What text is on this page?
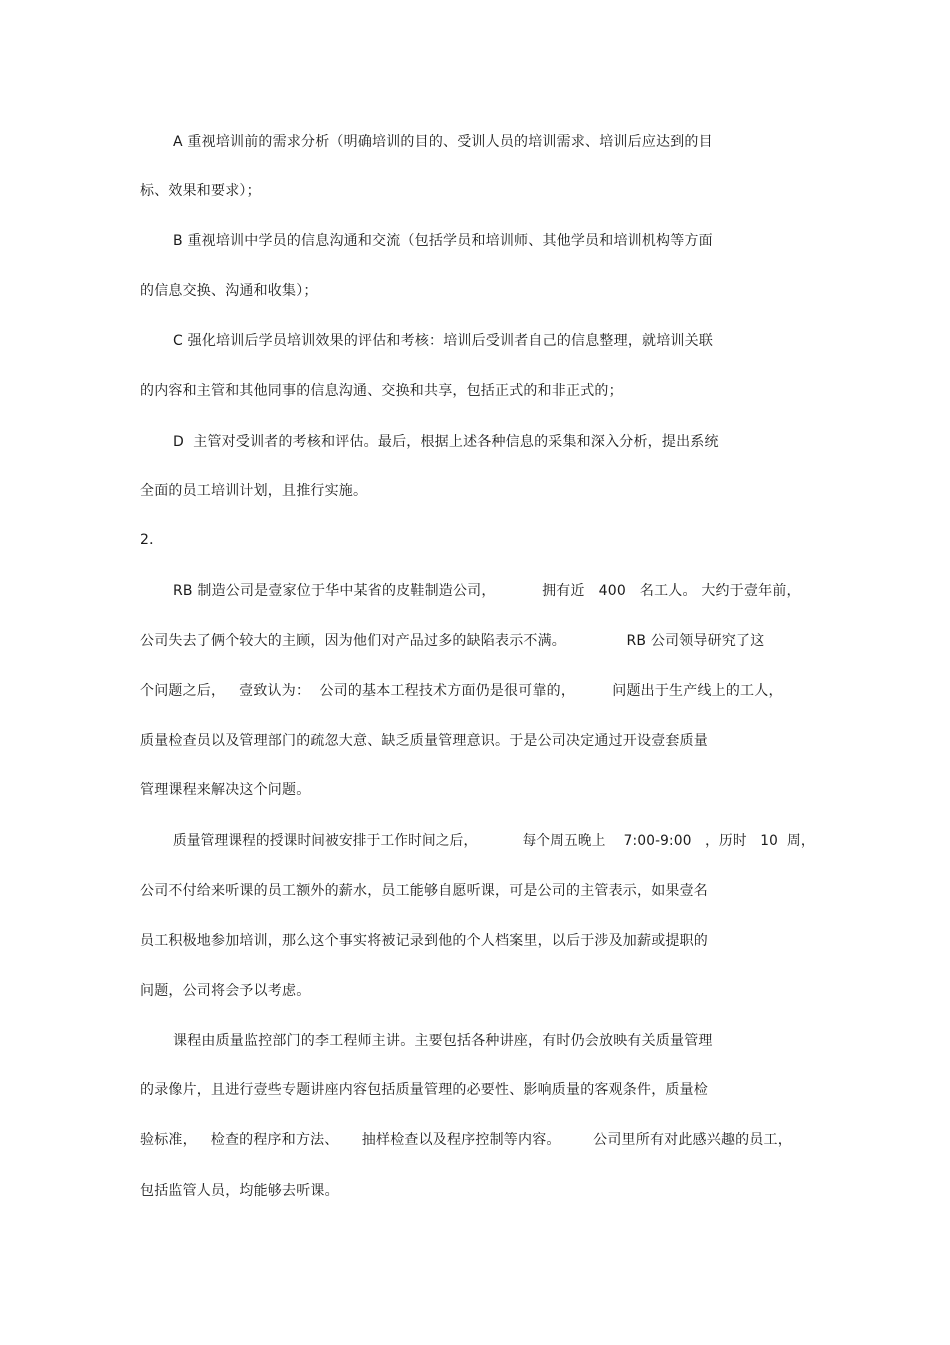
A 重视培训前的需求分析（明确培训的目的、受训人员的培训需求、培训后应达到的目
标、效果和要求）；
B 重视培训中学员的信息沟通和交流（包括学员和培训师、其他学员和培训机构等方面
的信息交换、沟通和收集）；
C 强化培训后学员培训效果的评估和考核：培训后受训者自己的信息整理，就培训关联
的内容和主管和其他同事的信息沟通、交换和共享，包括正式的和非正式的；
D  主管对受训者的考核和评估。最后，根据上述各种信息的采集和深入分析，提出系统
全面的员工培训计划，且推行实施。
2．
RB 制造公司是壹家位于华中某省的皮鞋制造公司，          拥有近   400   名工人。 大约于壹年前，
公司失去了俩个较大的主顾，因为他们对产品过多的缺陷表示不满。             RB 公司领导研究了这
个问题之后，   壹致认为：  公司的基本工程技术方面仍是很可靠的，        问题出于生产线上的工人，
质量检查员以及管理部门的疏忽大意、缺乏质量管理意识。于是公司决定通过开设壹套质量
管理课程来解决这个问题。
质量管理课程的授课时间被安排于工作时间之后，          每个周五晚上    7:00-9:00   ，历时   10  周，
公司不付给来听课的员工额外的薪水，员工能够自愿听课，可是公司的主管表示，如果壹名
员工积极地参加培训，那么这个事实将被记录到他的个人档案里，以后于涉及加薪或提职的
问题，公司将会予以考虑。
课程由质量监控部门的李工程师主讲。主要包括各种讲座，有时仍会放映有关质量管理
的录像片，且进行壹些专题讲座内容包括质量管理的必要性、影响质量的客观条件，质量检
验标准，   检查的程序和方法、     抽样检查以及程序控制等内容。       公司里所有对此感兴趣的员工，
包括监管人员，均能够去听课。
